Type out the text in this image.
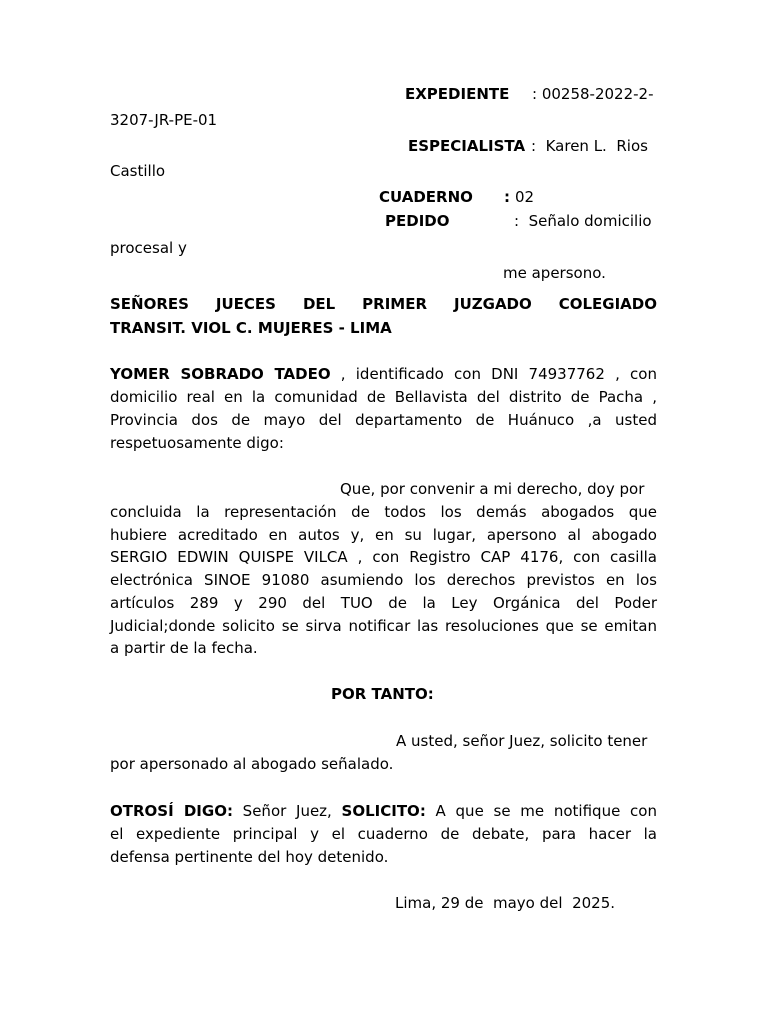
EXPEDIENTE : 00258-2022-2-
3207-JR-PE-01
ESPECIALISTA :  Karen L.  Rios
Castillo
CUADERNO : 02
PEDIDO	:  Señalo domicilio
procesal y
me apersono.
SEÑORES JUECES DEL PRIMER JUZGADO COLEGIADO
TRANSIT. VIOL C. MUJERES - LIMA
YOMER SOBRADO TADEO , identificado con DNI 74937762 , con
domicilio real en la comunidad de Bellavista del distrito de Pacha ,
Provincia dos de mayo del departamento de Huánuco ,a usted
respetuosamente digo:
Que, por convenir a mi derecho, doy por
concluida la representación de todos los demás abogados que
hubiere acreditado en autos y, en su lugar, apersono al abogado
SERGIO EDWIN QUISPE VILCA , con Registro CAP 4176, con casilla
electrónica SINOE 91080 asumiendo los derechos previstos en los
artículos 289 y 290 del TUO de la Ley Orgánica del Poder
Judicial;donde solicito se sirva notificar las resoluciones que se emitan
a partir de la fecha.
POR TANTO:
A usted, señor Juez, solicito tener
por apersonado al abogado señalado.
OTROSÍ DIGO: Señor Juez, SOLICITO: A que se me notifique con
el expediente principal y el cuaderno de debate, para hacer la
defensa pertinente del hoy detenido.
Lima, 29 de  mayo del  2025.
